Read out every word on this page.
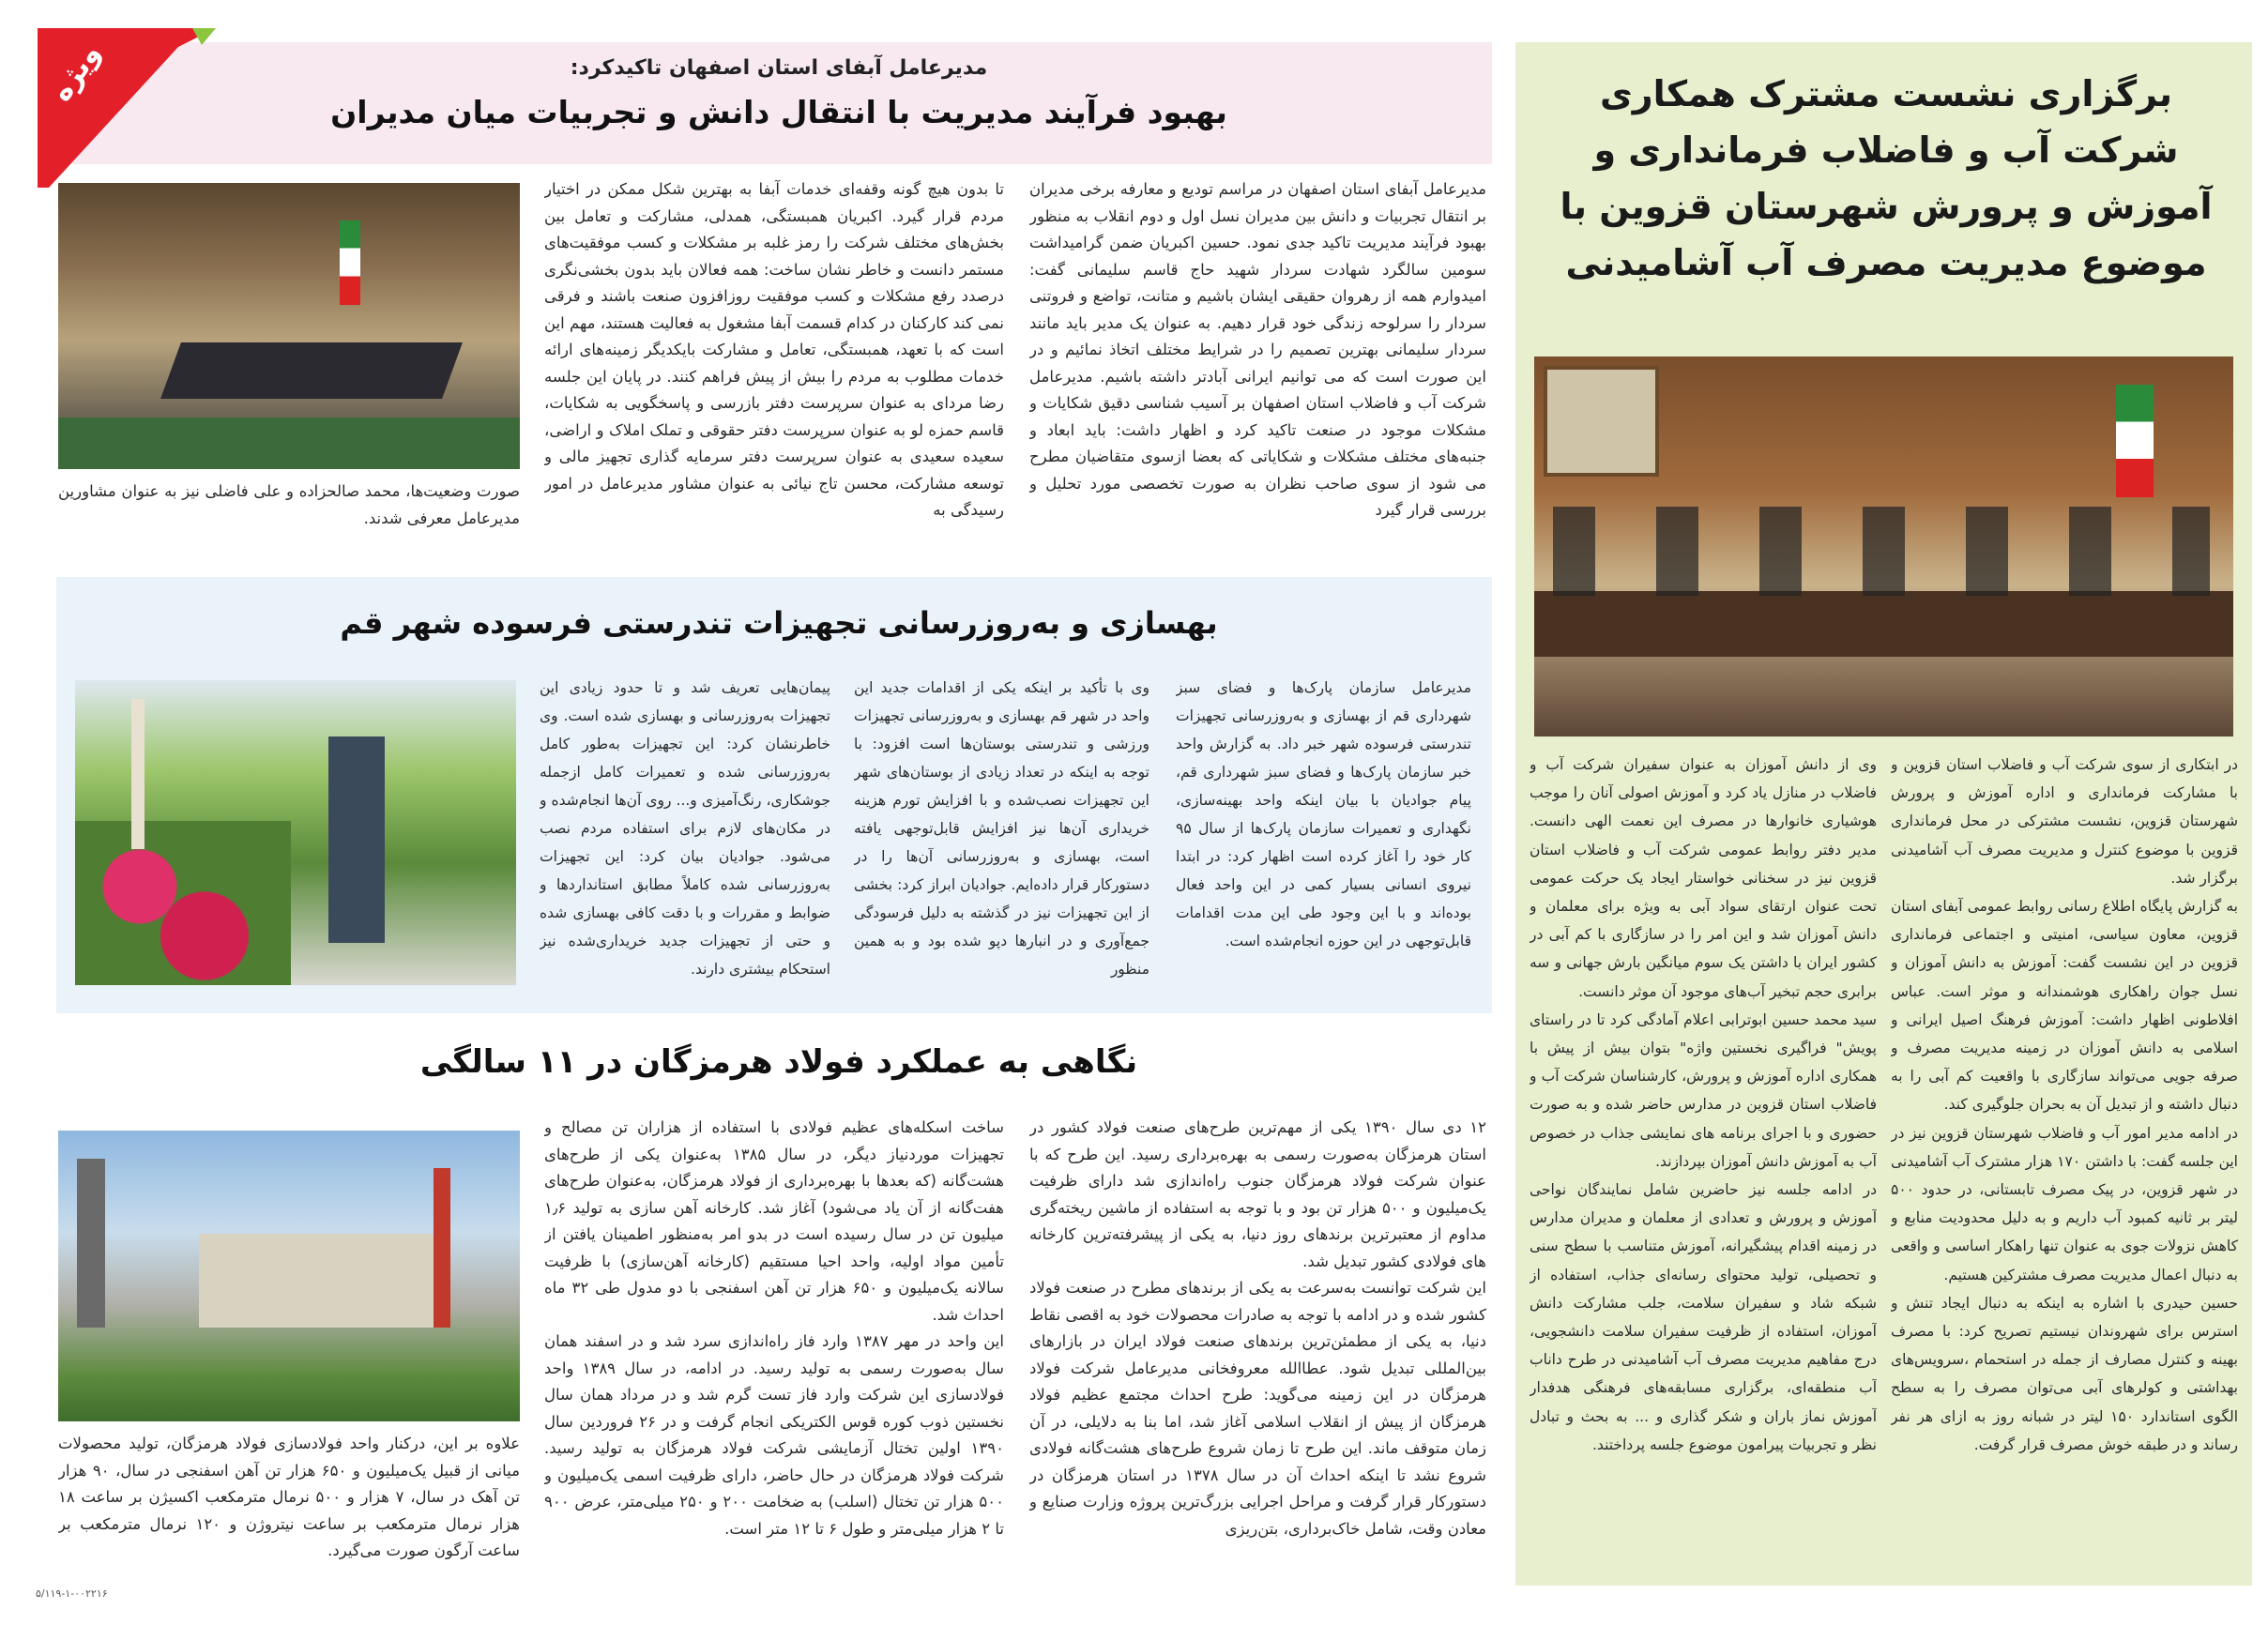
برگزاری نشست مشترک همکاری شرکت آب و فاضلاب فرمانداری و آموزش و پرورش شهرستان قزوین با موضوع مدیریت مصرف آب آشامیدنی

در ابتکاری از سوی شرکت آب و فاضلاب استان قزوین و با مشارکت فرمانداری و اداره آموزش و پرورش شهرستان قزوین، نشست مشترکی در محل فرمانداری قزوین با موضوع کنترل و مدیریت مصرف آب آشامیدنی برگزار شد.

به گزارش پایگاه اطلاع رسانی روابط عمومی آبفای استان قزوین، معاون سیاسی، امنیتی و اجتماعی فرمانداری قزوین در این نشست گفت: آموزش به دانش آموزان و نسل جوان راهکاری هوشمندانه و موثر است. عباس افلاطونی اظهار داشت: آموزش فرهنگ اصیل ایرانی و اسلامی به دانش آموزان در زمینه مدیریت مصرف و صرفه جویی می‌تواند سازگاری با واقعیت کم آبی را به دنبال داشته و از تبدیل آن به بحران جلوگیری کند.

در ادامه مدیر امور آب و فاضلاب شهرستان قزوین نیز در این جلسه گفت: با داشتن ۱۷۰ هزار مشترک آب آشامیدنی در شهر قزوین، در پیک مصرف تابستانی، در حدود ۵۰۰ لیتر بر ثانیه کمبود آب داریم و به دلیل محدودیت منابع و کاهش نزولات جوی به عنوان تنها راهکار اساسی و واقعی به دنبال اعمال مدیریت مصرف مشترکین هستیم.

حسین حیدری با اشاره به اینکه به دنبال ایجاد تنش و استرس برای شهروندان نیستیم تصریح کرد: با مصرف بهینه و کنترل مصارف از جمله در استحمام ،سرویس‌های بهداشتی و کولرهای آبی می‌توان مصرف را به سطح الگوی استاندارد ۱۵۰ لیتر در شبانه روز به ازای هر نفر رساند و در طبقه خوش مصرف قرار گرفت.

وی از دانش آموزان به عنوان سفیران شرکت آب و فاضلاب در منازل یاد کرد و آموزش اصولی آنان را موجب هوشیاری خانوارها در مصرف این نعمت الهی دانست. مدیر دفتر روابط عمومی شرکت آب و فاضلاب استان قزوین نیز در سخنانی خواستار ایجاد یک حرکت عمومی تحت عنوان ارتقای سواد آبی به ویژه برای معلمان و دانش آموزان شد و این امر را در سازگاری با کم آبی در کشور ایران با داشتن یک سوم میانگین بارش جهانی و سه برابری حجم تبخیر آب‌های موجود آن موثر دانست.

سید محمد حسین ابوترابی اعلام آمادگی کرد تا در راستای پویش" فراگیری نخستین واژه" بتوان بیش از پیش با همکاری اداره آموزش و پرورش، کارشناسان شرکت آب و فاضلاب استان قزوین در مدارس حاضر شده و به صورت حضوری و با اجرای برنامه های نمایشی جذاب در خصوص آب به آموزش دانش آموزان بپردازند.

در ادامه جلسه نیز حاضرین شامل نمایندگان نواحی آموزش و پرورش و تعدادی از معلمان و مدیران مدارس در زمینه اقدام پیشگیرانه، آموزش متناسب با سطح سنی و تحصیلی، تولید محتوای رسانه‌ای جذاب، استفاده از شبکه شاد و سفیران سلامت، جلب مشارکت دانش آموزان، استفاده از ظرفیت سفیران سلامت دانشجویی، درج مفاهیم مدیریت مصرف آب آشامیدنی در طرح داناب آب منطقه‌ای، برگزاری مسابقه‌های فرهنگی هدفدار آموزش نماز باران و شکر گذاری و ... به بحث و تبادل نظر و تجربیات پیرامون موضوع جلسه پرداختند.

مدیرعامل آبفای استان اصفهان تاکیدکرد:
بهبود فرآیند مدیریت با انتقال دانش و تجربیات میان مدیران
ویژه

مدیرعامل آبفای استان اصفهان در مراسم تودیع و معارفه برخی مدیران بر انتقال تجربیات و دانش بین مدیران نسل اول و دوم انقلاب به منظور بهبود فرآیند مدیریت تاکید جدی نمود. حسین اکبریان ضمن گرامیداشت سومین سالگرد شهادت سردار شهید حاج قاسم سلیمانی گفت: امیدوارم همه از رهروان حقیقی ایشان باشیم و متانت، تواضع و فروتنی سردار را سرلوحه زندگی خود قرار دهیم. به عنوان یک مدیر باید مانند سردار سلیمانی بهترین تصمیم را در شرایط مختلف اتخاذ نمائیم و در این صورت است که می توانیم ایرانی آبادتر داشته باشیم. مدیرعامل شرکت آب و فاضلاب استان اصفهان بر آسیب شناسی دقیق شکایات و مشکلات موجود در صنعت تاکید کرد و اظهار داشت: باید ابعاد و جنبه‌های مختلف مشکلات و شکایاتی که بعضا ازسوی متقاضیان مطرح می شود از سوی صاحب نظران به صورت تخصصی مورد تحلیل و بررسی قرار گیرد

تا بدون هیچ گونه وقفه‌ای خدمات آبفا به بهترین شکل ممکن در اختیار مردم قرار گیرد. اکبریان همبستگی، همدلی، مشارکت و تعامل بین بخش‌های مختلف شرکت را رمز غلبه بر مشکلات و کسب موفقیت‌های مستمر دانست و خاطر نشان ساخت: همه فعالان باید بدون بخشی‌نگری درصدد رفع مشکلات و کسب موفقیت روزافزون صنعت باشند و فرقی نمی کند کارکنان در کدام قسمت آبفا مشغول به فعالیت هستند، مهم این است که با تعهد، همبستگی، تعامل و مشارکت بایکدیگر زمینه‌های ارائه خدمات مطلوب به مردم را بیش از پیش فراهم کنند. در پایان این جلسه رضا مردای به عنوان سرپرست دفتر بازرسی و پاسخگویی به شکایات، قاسم حمزه لو به عنوان سرپرست دفتر حقوقی و تملک املاک و اراضی، سعیده سعیدی به عنوان سرپرست دفتر سرمایه گذاری تجهیز مالی و توسعه مشارکت، محسن تاج نیائی به عنوان مشاور مدیرعامل در امور رسیدگی به

صورت وضعیت‌ها، محمد صالحزاده و علی فاضلی نیز به عنوان مشاورین مدیرعامل معرفی شدند.

بهسازی و به‌روزرسانی تجهیزات تندرستی فرسوده شهر قم

مدیرعامل سازمان پارک‌ها و فضای سبز شهرداری قم از بهسازی و به‌روزرسانی تجهیزات تندرستی فرسوده شهر خبر داد. به گزارش واحد خبر سازمان پارک‌ها و فضای سبز شهرداری قم، پیام جوادیان با بیان اینکه واحد بهینه‌سازی، نگهداری و تعمیرات سازمان پارک‌ها از سال ۹۵ کار خود را آغاز کرده است اظهار کرد: در ابتدا نیروی انسانی بسیار کمی در این واحد فعال بوده‌اند و با این وجود طی این مدت اقدامات قابل‌توجهی در این حوزه انجام‌شده است.

وی با تأکید بر اینکه یکی از اقدامات جدید این واحد در شهر قم بهسازی و به‌روزرسانی تجهیزات ورزشی و تندرستی بوستان‌ها است افزود: با توجه به اینکه در تعداد زیادی از بوستان‌های شهر این تجهیزات نصب‌شده و با افزایش تورم هزینه خریداری آن‌ها نیز افزایش قابل‌توجهی یافته است، بهسازی و به‌روزرسانی آن‌ها را در دستورکار قرار داده‌ایم. جوادیان ابراز کرد: بخشی از این تجهیزات نیز در گذشته به دلیل فرسودگی جمع‌آوری و در انبارها دپو شده بود و به همین منظور

پیمان‌هایی تعریف شد و تا حدود زیادی این تجهیزات به‌روزرسانی و بهسازی شده است. وی خاطرنشان کرد: این تجهیزات به‌طور کامل به‌روزرسانی شده و تعمیرات کامل ازجمله جوشکاری، رنگ‌آمیزی و... روی آن‌ها انجام‌شده و در مکان‌های لازم برای استفاده مردم نصب می‌شود. جوادیان بیان کرد: این تجهیزات به‌روزرسانی شده کاملاً مطابق استانداردها و ضوابط و مقررات و با دقت کافی بهسازی شده و حتی از تجهیزات جدید خریداری‌شده نیز استحکام بیشتری دارند.

نگاهی به عملکرد فولاد هرمزگان در ۱۱ سالگی

۱۲ دی سال ۱۳۹۰ یکی از مهم‌ترین طرح‌های صنعت فولاد کشور در استان هرمزگان به‌صورت رسمی به بهره‌برداری رسید. این طرح که با عنوان شرکت فولاد هرمزگان جنوب راه‌اندازی شد دارای ظرفیت یک‌میلیون و ۵۰۰ هزار تن بود و با توجه به استفاده از ماشین ریخته‌گری مداوم از معتبرترین برندهای روز دنیا، به یکی از پیشرفته‌ترین کارخانه های فولادی کشور تبدیل شد.

این شرکت توانست به‌سرعت به یکی از برندهای مطرح در صنعت فولاد کشور شده و در ادامه با توجه به صادرات محصولات خود به اقصی نقاط دنیا، به یکی از مطمئن‌ترین برندهای صنعت فولاد ایران در بازارهای بین‌المللی تبدیل شود. عطاالله معروفخانی مدیرعامل شرکت فولاد هرمزگان در این زمینه می‌گوید: طرح احداث مجتمع عظیم فولاد هرمزگان از پیش از انقلاب اسلامی آغاز شد، اما بنا به دلایلی، در آن زمان متوقف ماند. این طرح تا زمان شروع طرح‌های هشت‌گانه فولادی شروع نشد تا اینکه احداث آن در سال ۱۳۷۸ در استان هرمزگان در دستورکار قرار گرفت و مراحل اجرایی بزرگ‌ترین پروژه وزارت صنایع و معادن وقت، شامل خاک‌برداری، بتن‌ریزی

ساخت اسکله‌های عظیم فولادی با استفاده از هزاران تن مصالح و تجهیزات موردنیاز دیگر، در سال ۱۳۸۵ به‌عنوان یکی از طرح‌های هشت‌گانه (که بعدها با بهره‌برداری از فولاد هرمزگان، به‌عنوان طرح‌های هفت‌گانه از آن یاد می‌شود) آغاز شد. کارخانه آهن سازی به تولید ۱٫۶ میلیون تن در سال رسیده است در بدو امر به‌منظور اطمینان یافتن از تأمین مواد اولیه، واحد احیا مستقیم (کارخانه آهن‌سازی) با ظرفیت سالانه یک‌میلیون و ۶۵۰ هزار تن آهن اسفنجی با دو مدول طی ۳۲ ماه احداث شد.

این واحد در مهر ۱۳۸۷ وارد فاز راه‌اندازی سرد شد و در اسفند همان سال به‌صورت رسمی به تولید رسید. در ادامه، در سال ۱۳۸۹ واحد فولادسازی این شرکت وارد فاز تست گرم شد و در مرداد همان سال نخستین ذوب کوره قوس الکتریکی انجام گرفت و در ۲۶ فروردین سال ۱۳۹۰ اولین تختال آزمایشی شرکت فولاد هرمزگان به تولید رسید. شرکت فولاد هرمزگان در حال حاضر، دارای ظرفیت اسمی یک‌میلیون و ۵۰۰ هزار تن تختال (اسلب) به ضخامت ۲۰۰ و ۲۵۰ میلی‌متر، عرض ۹۰۰ تا ۲ هزار میلی‌متر و طول ۶ تا ۱۲ متر است.

علاوه بر این، درکنار واحد فولادسازی فولاد هرمزگان، تولید محصولات میانی از قبیل یک‌میلیون و ۶۵۰ هزار تن آهن اسفنجی در سال، ۹۰ هزار تن آهک در سال، ۷ هزار و ۵۰۰ نرمال مترمکعب اکسیژن بر ساعت ۱۸ هزار نرمال مترمکعب بر ساعت نیتروژن و ۱۲۰ نرمال مترمکعب بر ساعت آرگون صورت می‌گیرد.

۵/۱۱۹-۱-۰۰۲۲۱۶
